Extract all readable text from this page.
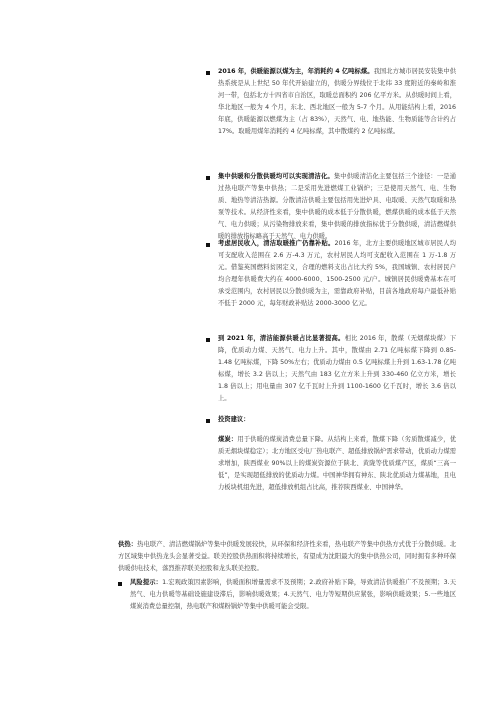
2016 年，供暖能源以煤为主，年消耗约 4 亿吨标煤。我国北方城市居民安装集中供热系统是从上世纪 50 年代开始建立的，供暖分界线位于北纬 33 度附近的秦岭和淮河一带，包括北方十四省市自治区，取暖总面积约 206 亿平方米。从供暖时间上看，华北地区一般为 4 个月，东北、西北地区一般为 5-7 个月。从用能结构上看，2016 年底，供暖能源以燃煤为主（占 83%），天然气、电、地热能、生物质能等合计约占 17%。取暖用煤年消耗约 4 亿吨标煤，其中散煤约 2 亿吨标煤。

集中供暖和分散供暖均可以实现清洁化。集中供暖清洁化主要包括三个途径：一是通过热电联产等集中供热；二是采用先进燃煤工业锅炉；三是使用天然气、电、生物质、地热等清洁热源。分散清洁供暖主要包括用先进炉具、电取暖、天然气取暖和热泵等技术。从经济性来看，集中供暖的成本低于分散供暖，燃煤供暖的成本低于天然气、电力供暖；从污染物排放来看，集中供暖的排放指标优于分散供暖，清洁燃煤供暖的排放指标略高于天然气、电力供暖。

考虑居民收入，清洁取暖推广仍靠补贴。2016 年，北方主要供暖地区城市居民人均可支配收入范围在 2.6 万-4.3 万元，农村居民人均可支配收入范围在 1 万-1.8 万元。借鉴英国燃料贫困定义，合理的燃料支出占比大约 5%，我国城镇、农村居民户均合理年供暖费大约在 4000-6000、1500-2500 元/户。城镇居民供暖费基本在可承受范围内，农村居民以分散供暖为主，需靠政府补贴，目前各地政府每户最低补贴不低于 2000 元，每年财政补贴达 2000-3000 亿元。

到 2021 年，清洁能源供暖占比显著提高。相比 2016 年，散煤（无烟煤块煤）下降，优质动力煤、天然气、电力上升。其中，散煤由 2.71 亿吨标煤下降到 0.85-1.48 亿吨标煤，下降 50%左右；优质动力煤由 0.5 亿吨标煤上升到 1.63-1.78 亿吨标煤，增长 3.2 倍以上；天然气由 183 亿立方米上升到 330-460 亿立方米，增长 1.8 倍以上；用电量由 307 亿千瓦时上升到 1100-1600 亿千瓦时，增长 3.6 倍以上。

投资建议：

煤炭：用于供暖的煤炭消费总量下降。从结构上来看，散煤下降（劣质散煤减少，优质无烟块煤稳定）；北方地区受电厂热电联产、超低排放锅炉需求带动，优质动力煤需求增加，陕西煤业 90%以上的煤炭资源位于陕北、黄陇等优质煤产区，煤质“三高一低”，是实现超低排放的优质动力煤。中国神华拥有神东、陕北优质动力煤基地，且电力板块机组先进，超低排放机组占比高，推荐陕西煤业、中国神华。

供热：热电联产、清洁燃煤锅炉等集中供暖发展较快，从环保和经济性来看，热电联产等集中供热方式优于分散供暖。北方区域集中供热龙头会显著受益。联美控股供热面积将持续增长，有望成为沈阳最大的集中供热公司，同时拥有多种环保供暖供电技术，落烈推荐联美控股和龙头联美控股。

风险提示：1.宏观政策因素影响，供暖面积增量需求不及预期；2.政府补贴下降，导致清洁供暖推广不及预期；3.天然气、电力供暖等基础设施建设滞后，影响供暖效果；4.天然气、电力等短期供应紧张，影响供暖效果；5.一些地区煤炭消费总量控制，热电联产和煤粉锅炉等集中供暖可能会受限。
